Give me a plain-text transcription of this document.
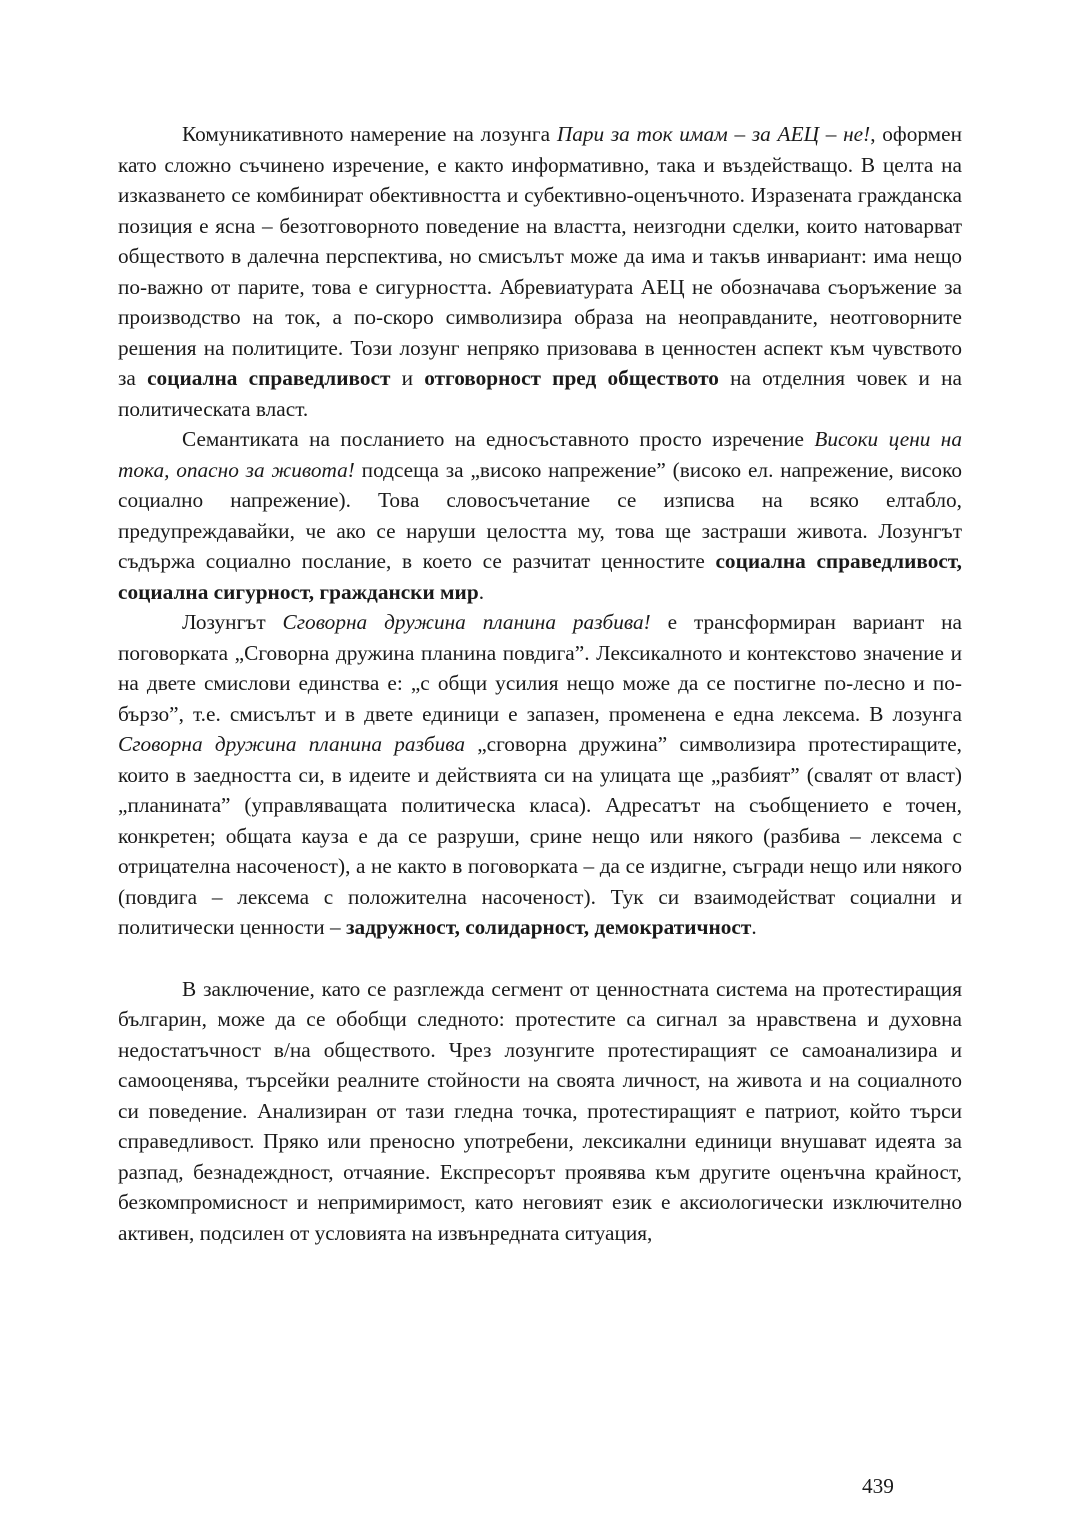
Комуникативното намерение на лозунга Пари за ток имам – за АЕЦ – не!, оформен като сложно съчинено изречение, е както информативно, така и въздействащо. В целта на изказването се комбинират обективността и субективно-оценъчното. Изразената гражданска позиция е ясна – безотговорното поведение на властта, неизгодни сделки, които натоварват обществото в далечна перспектива, но смисълът може да има и такъв инвариант: има нещо по-важно от парите, това е сигурността. Абревиатурата АЕЦ не обозначава съоръжение за производство на ток, а по-скоро символизира образа на неоправданите, неотговорните решения на политиците. Този лозунг непряко призовава в ценностен аспект към чувството за социална справедливост и отговорност пред обществото на отделния човек и на политическата власт.

Семантиката на посланието на едносъставното просто изречение Високи цени на тока, опасно за живота! подсеща за „високо напрежение” (високо ел. напрежение, високо социално напрежение). Това словосъчетание се изписва на всяко елтабло, предупреждавайки, че ако се наруши целостта му, това ще застраши живота. Лозунгът съдържа социално послание, в което се разчитат ценностите социална справедливост, социална сигурност, граждански мир.

Лозунгът Сговорна дружина планина разбива! е трансформиран вариант на поговорката „Сговорна дружина планина повдига”. Лексикалното и контекстово значение и на двете смислови единства е: „с общи усилия нещо може да се постигне по-лесно и по-бързо”, т.е. смисълът и в двете единици е запазен, променена е една лексема. В лозунга Сговорна дружина планина разбива „сговорна дружина” символизира протестиращите, които в заедността си, в идеите и действията си на улицата ще „разбият” (свалят от власт) „планината” (управляващата политическа класа). Адресатът на съобщението е точен, конкретен; общата кауза е да се разруши, срине нещо или някого (разбива – лексема с отрицателна насоченост), а не както в поговорката – да се издигне, съгради нещо или някого (повдига – лексема с положителна насоченост). Тук си взаимодействат социални и политически ценности – задружност, солидарност, демократичност.

В заключение, като се разглежда сегмент от ценностната система на протестиращия българин, може да се обобщи следното: протестите са сигнал за нравствена и духовна недостатъчност в/на обществото. Чрез лозунгите протестиращият се самоанализира и самооценява, търсейки реалните стойности на своята личност, на живота и на социалното си поведение. Анализиран от тази гледна точка, протестиращият е патриот, който търси справедливост. Пряко или преносно употребени, лексикални единици внушават идеята за разпад, безнадеждност, отчаяние. Експресорът проявява към другите оценъчна крайност, безкомпромисност и непримиримост, като неговият език е аксиологически изключително активен, подсилен от условията на извънредната ситуация,

439
